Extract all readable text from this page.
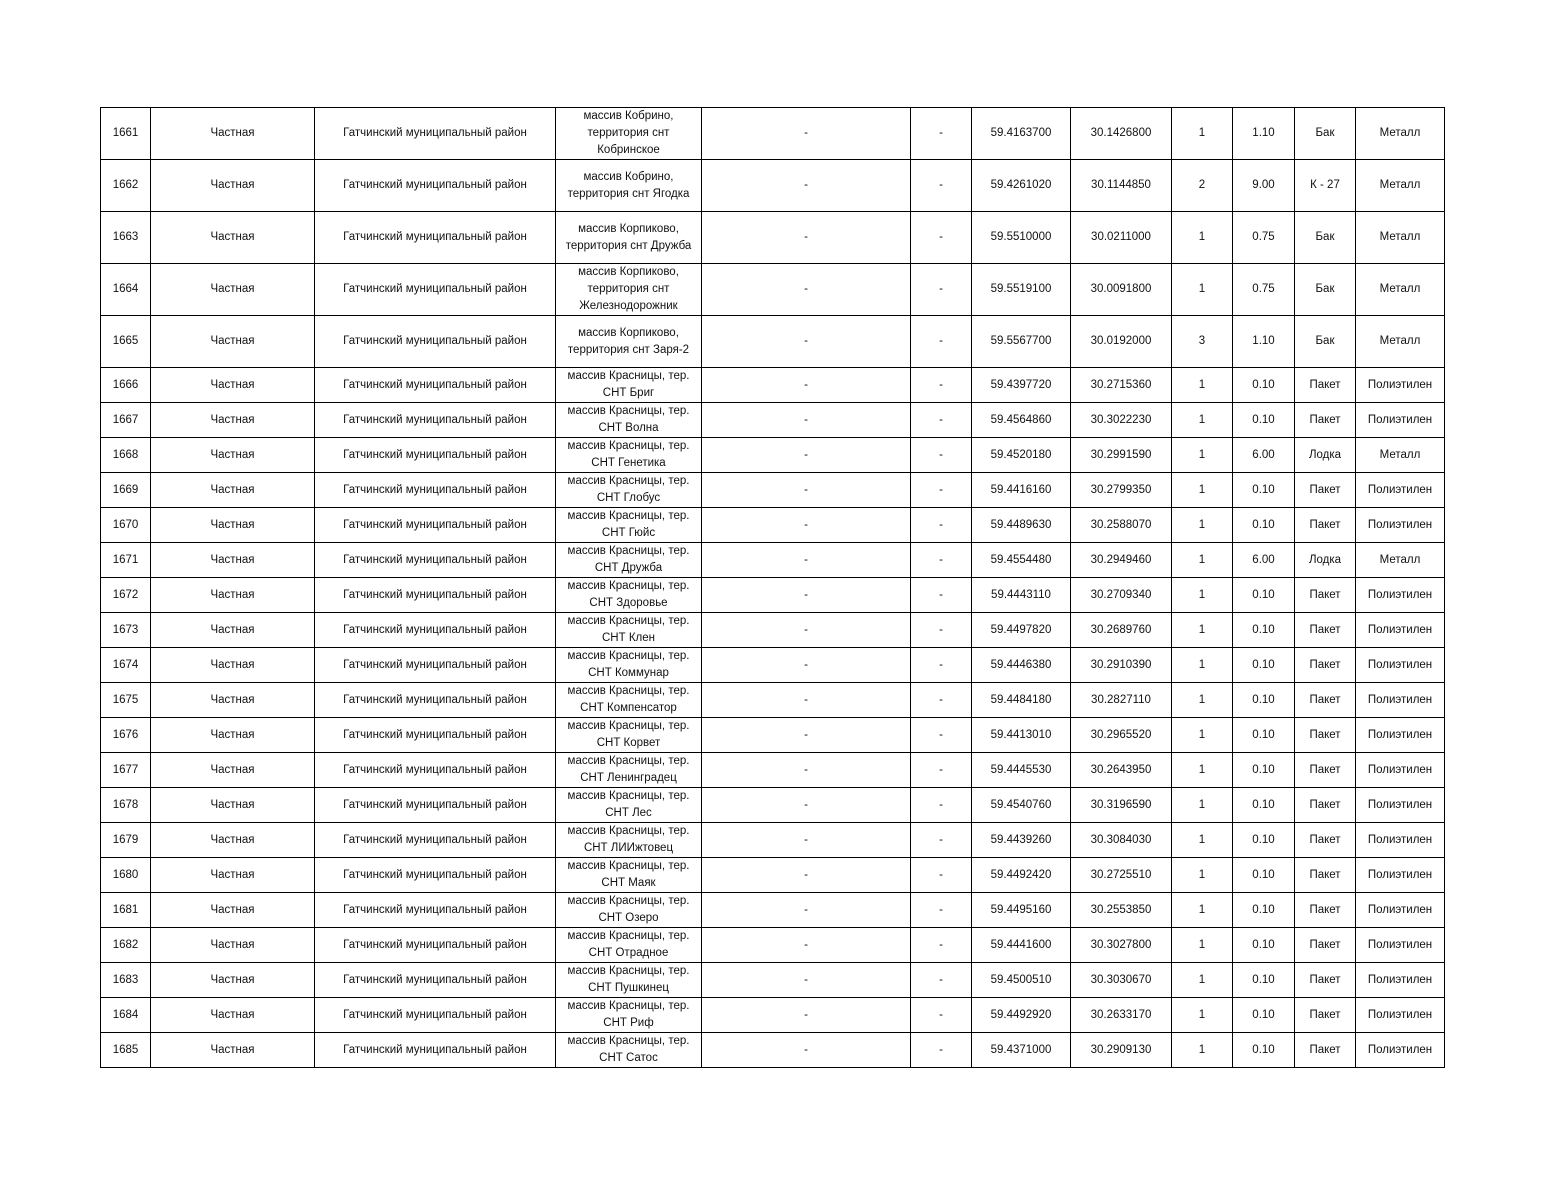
1661	Частная	Гатчинский муниципальный район	массив Кобрино,
территория снт
Кобринское	-	-	59.4163700	30.1426800	1	1.10	Бак	Металл
1662	Частная	Гатчинский муниципальный район	массив Кобрино,
территория снт Ягодка	-	-	59.4261020	30.1144850	2	9.00	К - 27	Металл
1663	Частная	Гатчинский муниципальный район	массив Корпиково,
территория снт Дружба	-	-	59.5510000	30.0211000	1	0.75	Бак	Металл
1664	Частная	Гатчинский муниципальный район	массив Корпиково,
территория снт
Железнодорожник	-	-	59.5519100	30.0091800	1	0.75	Бак	Металл
1665	Частная	Гатчинский муниципальный район	массив Корпиково,
территория снт Заря-2	-	-	59.5567700	30.0192000	3	1.10	Бак	Металл
1666	Частная	Гатчинский муниципальный район	массив Красницы, тер.
СНТ Бриг	-	-	59.4397720	30.2715360	1	0.10	Пакет	Полиэтилен
1667	Частная	Гатчинский муниципальный район	массив Красницы, тер.
СНТ Волна	-	-	59.4564860	30.3022230	1	0.10	Пакет	Полиэтилен
1668	Частная	Гатчинский муниципальный район	массив Красницы, тер.
СНТ Генетика	-	-	59.4520180	30.2991590	1	6.00	Лодка	Металл
1669	Частная	Гатчинский муниципальный район	массив Красницы, тер.
СНТ Глобус	-	-	59.4416160	30.2799350	1	0.10	Пакет	Полиэтилен
1670	Частная	Гатчинский муниципальный район	массив Красницы, тер.
СНТ Гюйс	-	-	59.4489630	30.2588070	1	0.10	Пакет	Полиэтилен
1671	Частная	Гатчинский муниципальный район	массив Красницы, тер.
СНТ Дружба	-	-	59.4554480	30.2949460	1	6.00	Лодка	Металл
1672	Частная	Гатчинский муниципальный район	массив Красницы, тер.
СНТ Здоровье	-	-	59.4443110	30.2709340	1	0.10	Пакет	Полиэтилен
1673	Частная	Гатчинский муниципальный район	массив Красницы, тер.
СНТ Клен	-	-	59.4497820	30.2689760	1	0.10	Пакет	Полиэтилен
1674	Частная	Гатчинский муниципальный район	массив Красницы, тер.
СНТ Коммунар	-	-	59.4446380	30.2910390	1	0.10	Пакет	Полиэтилен
1675	Частная	Гатчинский муниципальный район	массив Красницы, тер.
СНТ Компенсатор	-	-	59.4484180	30.2827110	1	0.10	Пакет	Полиэтилен
1676	Частная	Гатчинский муниципальный район	массив Красницы, тер.
СНТ Корвет	-	-	59.4413010	30.2965520	1	0.10	Пакет	Полиэтилен
1677	Частная	Гатчинский муниципальный район	массив Красницы, тер.
СНТ Ленинградец	-	-	59.4445530	30.2643950	1	0.10	Пакет	Полиэтилен
1678	Частная	Гатчинский муниципальный район	массив Красницы, тер.
СНТ Лес	-	-	59.4540760	30.3196590	1	0.10	Пакет	Полиэтилен
1679	Частная	Гатчинский муниципальный район	массив Красницы, тер.
СНТ ЛИИжтовец	-	-	59.4439260	30.3084030	1	0.10	Пакет	Полиэтилен
1680	Частная	Гатчинский муниципальный район	массив Красницы, тер.
СНТ Маяк	-	-	59.4492420	30.2725510	1	0.10	Пакет	Полиэтилен
1681	Частная	Гатчинский муниципальный район	массив Красницы, тер.
СНТ Озеро	-	-	59.4495160	30.2553850	1	0.10	Пакет	Полиэтилен
1682	Частная	Гатчинский муниципальный район	массив Красницы, тер.
СНТ Отрадное	-	-	59.4441600	30.3027800	1	0.10	Пакет	Полиэтилен
1683	Частная	Гатчинский муниципальный район	массив Красницы, тер.
СНТ Пушкинец	-	-	59.4500510	30.3030670	1	0.10	Пакет	Полиэтилен
1684	Частная	Гатчинский муниципальный район	массив Красницы, тер.
СНТ Риф	-	-	59.4492920	30.2633170	1	0.10	Пакет	Полиэтилен
1685	Частная	Гатчинский муниципальный район	массив Красницы, тер.
СНТ Сатос	-	-	59.4371000	30.2909130	1	0.10	Пакет	Полиэтилен
